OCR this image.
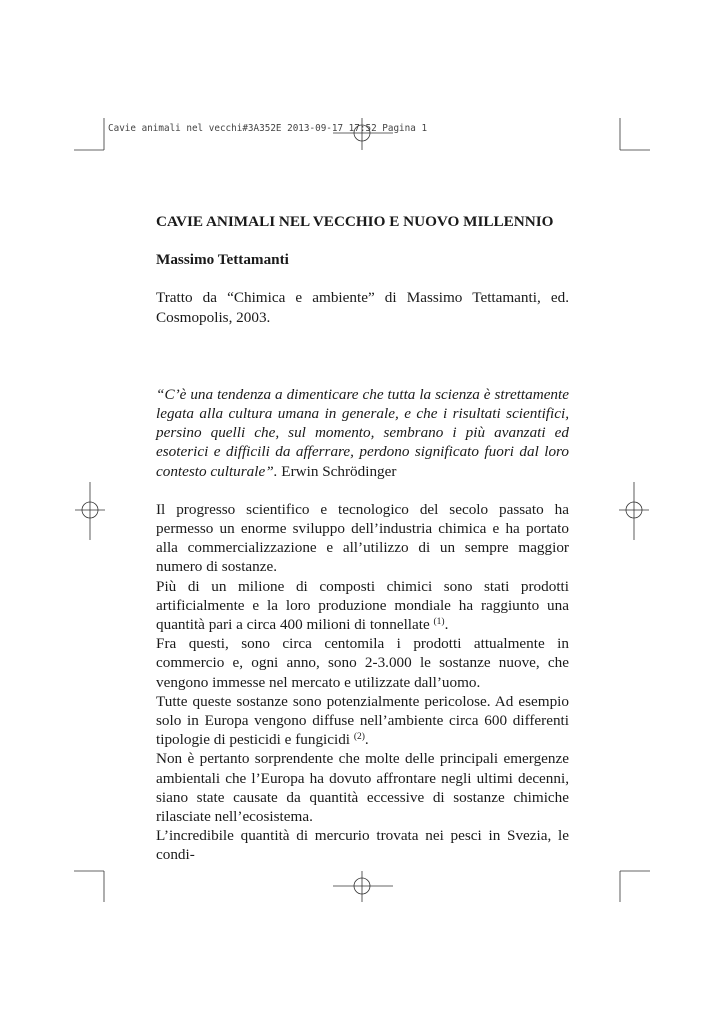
Cavie animali nel vecchi#3A352E 2013-09-17 17:52 Pagina 1
CAVIE ANIMALI NEL VECCHIO E NUOVO MILLENNIO
Massimo Tettamanti
Tratto da “Chimica e ambiente” di Massimo Tettamanti, ed. Cosmopolis, 2003.
“C’è una tendenza a dimenticare che tutta la scienza è strettamente legata alla cultura umana in generale, e che i risultati scientifici, persino quelli che, sul momento, sembrano i più avanzati ed esoterici e difficili da afferrare, perdono significato fuori dal loro contesto culturale”. Erwin Schrödinger

Il progresso scientifico e tecnologico del secolo passato ha permesso un enorme sviluppo dell’industria chimica e ha portato alla commercializzazione e all’utilizzo di un sempre maggior numero di sostanze.

Più di un milione di composti chimici sono stati prodotti artificialmente e la loro produzione mondiale ha raggiunto una quantità pari a circa 400 milioni di tonnellate $^{(1)}$.

Fra questi, sono circa centomila i prodotti attualmente in commercio e, ogni anno, sono 2-3.000 le sostanze nuove, che vengono immesse nel mercato e utilizzate dall’uomo.

Tutte queste sostanze sono potenzialmente pericolose. Ad esempio solo in Europa vengono diffuse nell’ambiente circa 600 differenti tipologie di pesticidi e fungicidi $^{(2)}$.

Non è pertanto sorprendente che molte delle principali emergenze ambientali che l’Europa ha dovuto affrontare negli ultimi decenni, siano state causate da quantità eccessive di sostanze chimiche rilasciate nell’ecosistema.

L’incredibile quantità di mercurio trovata nei pesci in Svezia, le condi-
